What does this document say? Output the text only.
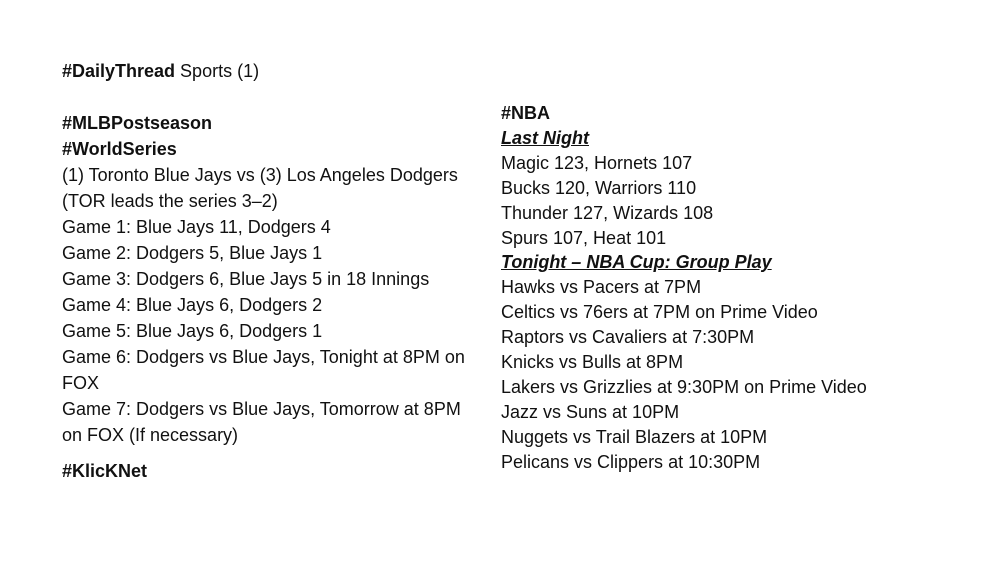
#DailyThread Sports (1)
#MLBPostseason
#WorldSeries
(1) Toronto Blue Jays vs (3) Los Angeles Dodgers
(TOR leads the series 3–2)
Game 1: Blue Jays 11, Dodgers 4
Game 2: Dodgers 5, Blue Jays 1
Game 3: Dodgers 6, Blue Jays 5 in 18 Innings
Game 4: Blue Jays 6, Dodgers 2
Game 5: Blue Jays 6, Dodgers 1
Game 6: Dodgers vs Blue Jays, Tonight at 8PM on FOX
Game 7: Dodgers vs Blue Jays, Tomorrow at 8PM on FOX (If necessary)
#KlicKNet
#NBA
Last Night
Magic 123, Hornets 107
Bucks 120, Warriors 110
Thunder 127, Wizards 108
Spurs 107, Heat 101
Tonight – NBA Cup: Group Play
Hawks vs Pacers at 7PM
Celtics vs 76ers at 7PM on Prime Video
Raptors vs Cavaliers at 7:30PM
Knicks vs Bulls at 8PM
Lakers vs Grizzlies at 9:30PM on Prime Video
Jazz vs Suns at 10PM
Nuggets vs Trail Blazers at 10PM
Pelicans vs Clippers at 10:30PM
